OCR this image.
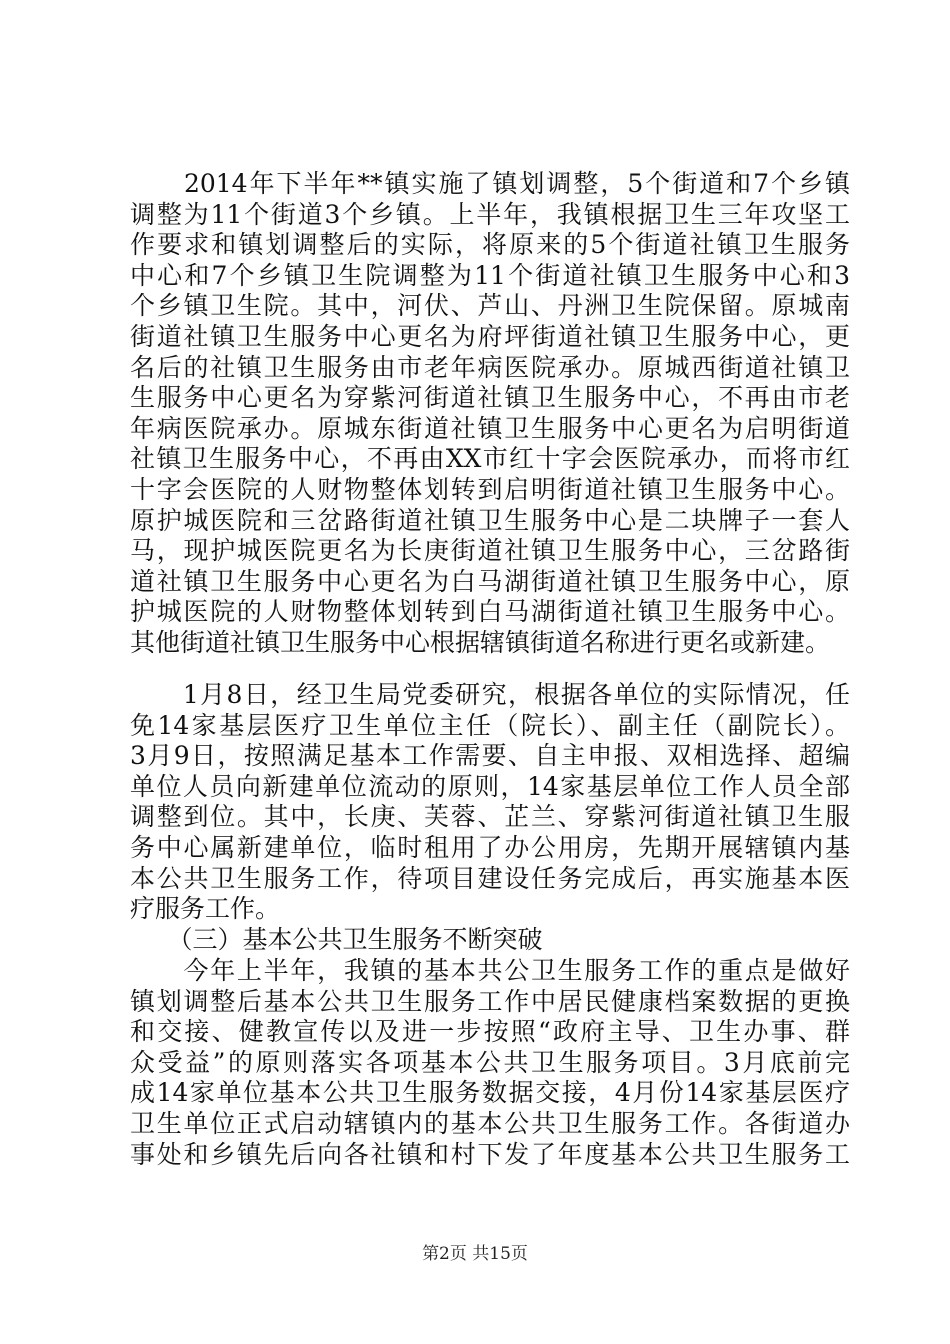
　　2014年下半年**镇实施了镇划调整，5个街道和7个乡镇
调整为11个街道3个乡镇。上半年，我镇根据卫生三年攻坚工
作要求和镇划调整后的实际，将原来的5个街道社镇卫生服务
中心和7个乡镇卫生院调整为11个街道社镇卫生服务中心和3
个乡镇卫生院。其中，河伏、芦山、丹洲卫生院保留。原城南
街道社镇卫生服务中心更名为府坪街道社镇卫生服务中心，更
名后的社镇卫生服务由市老年病医院承办。原城西街道社镇卫
生服务中心更名为穿紫河街道社镇卫生服务中心，不再由市老
年病医院承办。原城东街道社镇卫生服务中心更名为启明街道
社镇卫生服务中心，不再由XX市红十字会医院承办，而将市红
十字会医院的人财物整体划转到启明街道社镇卫生服务中心。
原护城医院和三岔路街道社镇卫生服务中心是二块牌子一套人
马，现护城医院更名为长庚街道社镇卫生服务中心，三岔路街
道社镇卫生服务中心更名为白马湖街道社镇卫生服务中心，原
护城医院的人财物整体划转到白马湖街道社镇卫生服务中心。
其他街道社镇卫生服务中心根据辖镇街道名称进行更名或新建。
　　1月8日，经卫生局党委研究，根据各单位的实际情况，任
免14家基层医疗卫生单位主任（院长）、副主任（副院长）。
3月9日，按照满足基本工作需要、自主申报、双相选择、超编
单位人员向新建单位流动的原则，14家基层单位工作人员全部
调整到位。其中，长庚、芙蓉、芷兰、穿紫河街道社镇卫生服
务中心属新建单位，临时租用了办公用房，先期开展辖镇内基
本公共卫生服务工作，待项目建设任务完成后，再实施基本医
疗服务工作。
　　（三）基本公共卫生服务不断突破
　　今年上半年，我镇的基本共公卫生服务工作的重点是做好
镇划调整后基本公共卫生服务工作中居民健康档案数据的更换
和交接、健教宣传以及进一步按照“政府主导、卫生办事、群
众受益”的原则落实各项基本公共卫生服务项目。3月底前完
成14家单位基本公共卫生服务数据交接，4月份14家基层医疗
卫生单位正式启动辖镇内的基本公共卫生服务工作。各街道办
事处和乡镇先后向各社镇和村下发了年度基本公共卫生服务工
第2页 共15页
